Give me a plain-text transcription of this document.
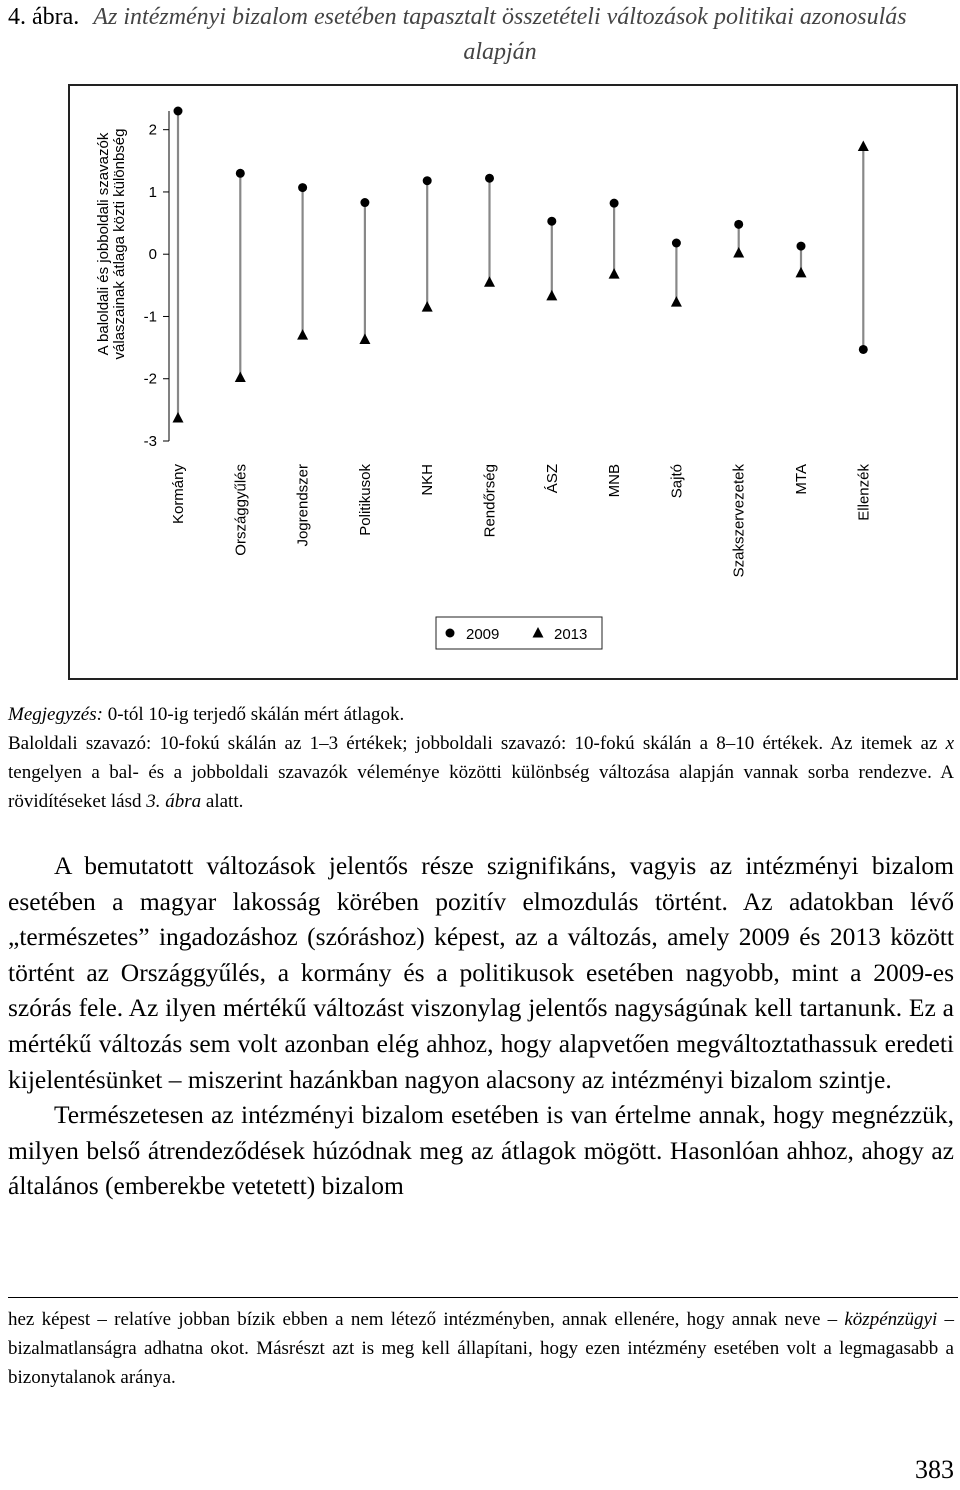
4. ábra. Az intézményi bizalom esetében tapasztalt összetételi változások politikai azonosulás alapján
2
1
0
-1
-2
-3
A baloldali és jobboldali szavazók válaszainak átlaga közti különbség
Kormány	Országgyűlés	Jogrendszer	Politikusok	NKH	Rendőrség	ÁSZ	MNB	Sajtó	Szakszervezetek	MTA	Ellenzék
2009	2013

Megjegyzés: 0-tól 10-ig terjedő skálán mért átlagok.

Baloldali szavazó: 10-fokú skálán az 1–3 értékek; jobboldali szavazó: 10-fokú skálán a 8–10 értékek. Az itemek az x tengelyen a bal- és a jobboldali szavazók véleménye közötti különbség változása alapján vannak sorba rendezve. A rövidítéseket lásd 3. ábra alatt.

A bemutatott változások jelentős része szignifikáns, vagyis az intézményi bizalom esetében a magyar lakosság körében pozitív elmozdulás történt. Az adatokban lévő „természetes” ingadozáshoz (szóráshoz) képest, az a változás, amely 2009 és 2013 között történt az Országgyűlés, a kormány és a politikusok esetében nagyobb, mint a 2009-es szórás fele. Az ilyen mértékű változást viszonylag jelentős nagyságúnak kell tartanunk. Ez a mértékű változás sem volt azonban elég ahhoz, hogy alapvetően megváltoztathassuk eredeti kijelentésünket – miszerint hazánkban nagyon alacsony az intézményi bizalom szintje.

Természetesen az intézményi bizalom esetében is van értelme annak, hogy megnézzük, milyen belső átrendeződések húzódnak meg az átlagok mögött. Hasonlóan ahhoz, ahogy az általános (emberekbe vetetett) bizalom

hez képest – relatíve jobban bízik ebben a nem létező intézményben, annak ellenére, hogy annak neve – közpénzügyi – bizalmatlanságra adhatna okot. Másrészt azt is meg kell állapítani, hogy ezen intézmény esetében volt a legmagasabb a bizonytalanok aránya.

383
